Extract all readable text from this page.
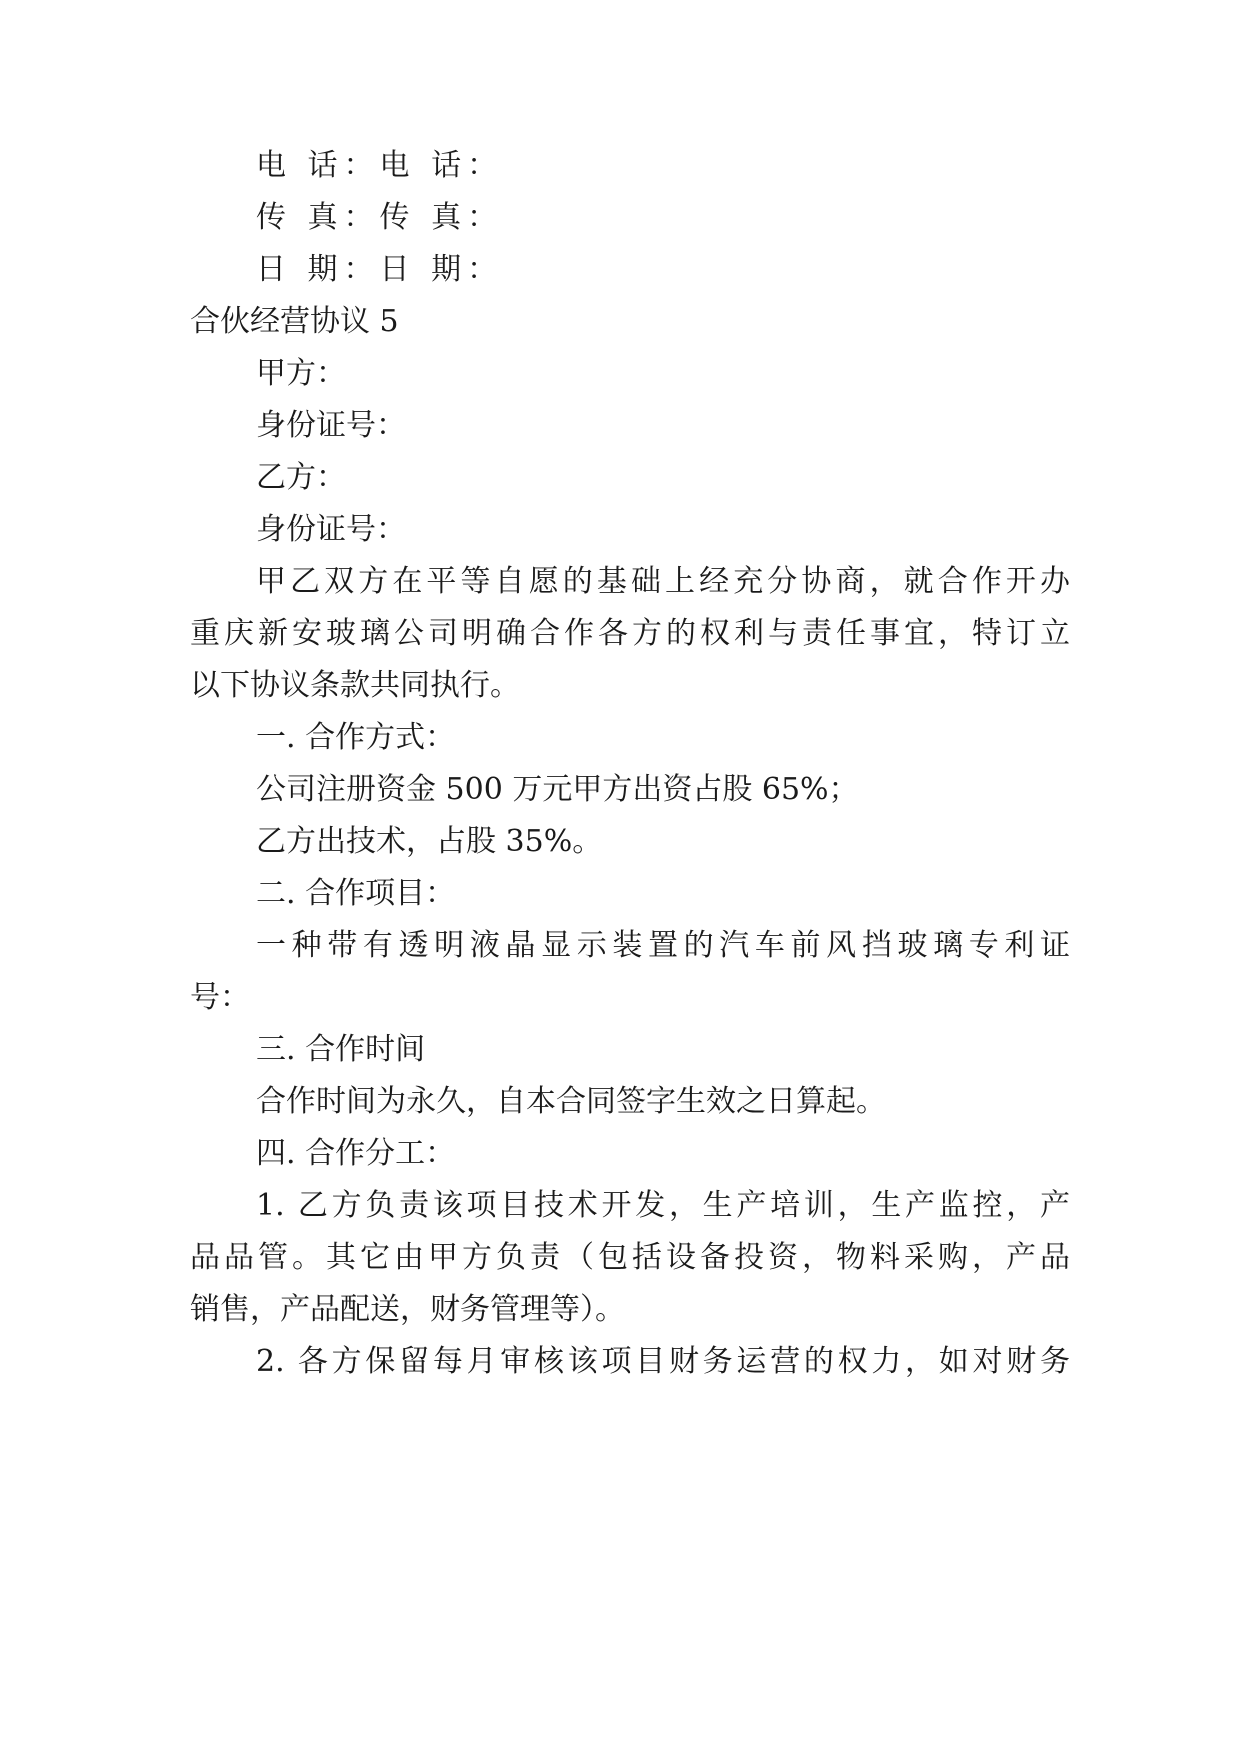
电 话：电 话：
传 真：传 真：
日 期：日 期：
合伙经营协议 5
甲方：
身份证号：
乙方：
身份证号：
甲乙双方在平等自愿的基础上经充分协商，就合作开办
重庆新安玻璃公司明确合作各方的权利与责任事宜，特订立
以下协议条款共同执行。
一. 合作方式：
公司注册资金 500 万元甲方出资占股 65%；
乙方出技术，占股 35%。
二. 合作项目：
一种带有透明液晶显示装置的汽车前风挡玻璃专利证
号：
三. 合作时间
合作时间为永久，自本合同签字生效之日算起。
四. 合作分工：
1. 乙方负责该项目技术开发，生产培训，生产监控，产
品品管。其它由甲方负责（包括设备投资，物料采购，产品
销售，产品配送，财务管理等）。
2. 各方保留每月审核该项目财务运营的权力，如对财务
